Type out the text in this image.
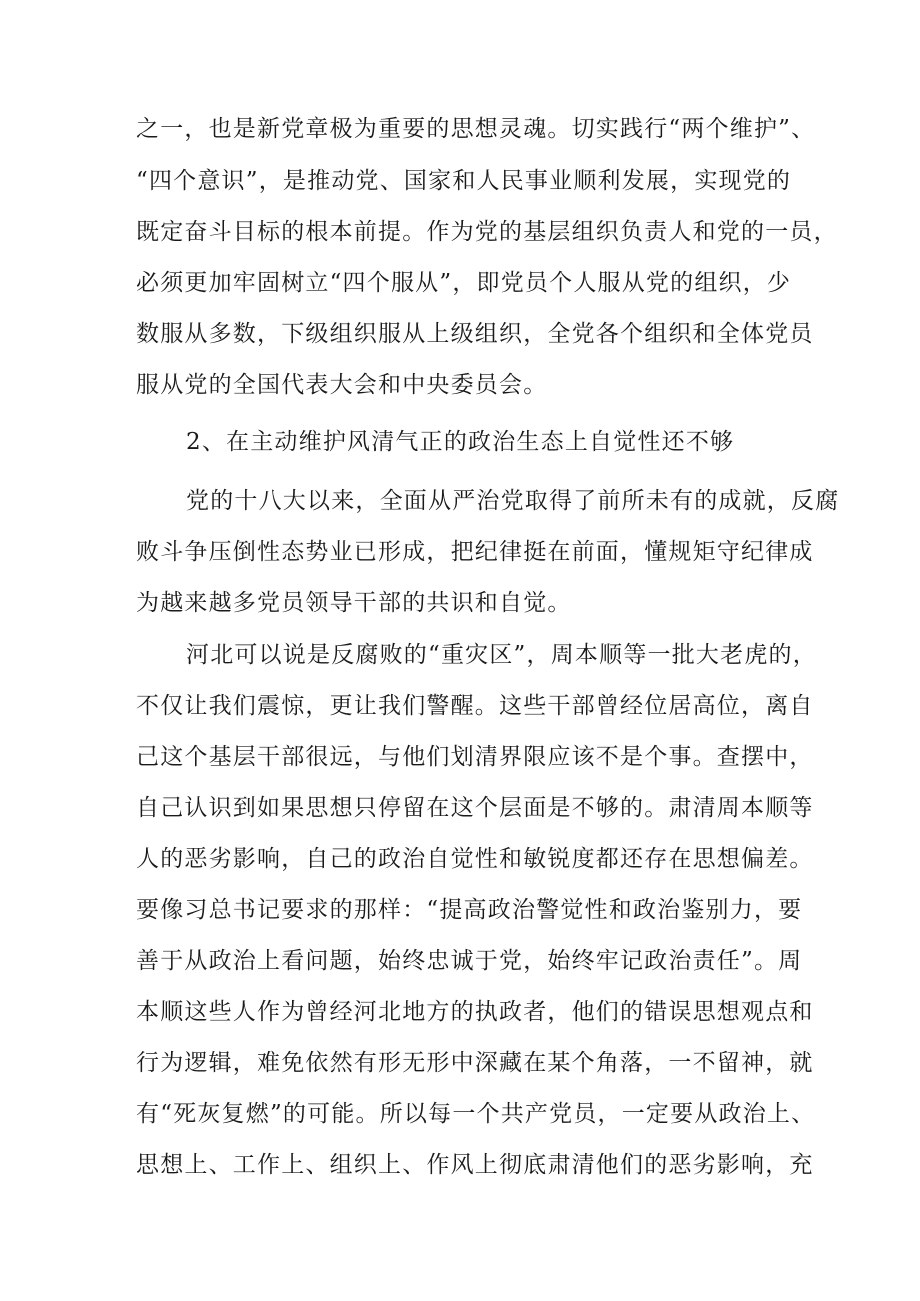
之一，也是新党章极为重要的思想灵魂。切实践行“两个维护”、
“四个意识”，是推动党、国家和人民事业顺利发展，实现党的
既定奋斗目标的根本前提。作为党的基层组织负责人和党的一员，
必须更加牢固树立“四个服从”，即党员个人服从党的组织，少
数服从多数，下级组织服从上级组织，全党各个组织和全体党员
服从党的全国代表大会和中央委员会。
2、在主动维护风清气正的政治生态上自觉性还不够
党的十八大以来，全面从严治党取得了前所未有的成就，反腐
败斗争压倒性态势业已形成，把纪律挺在前面，懂规矩守纪律成
为越来越多党员领导干部的共识和自觉。
河北可以说是反腐败的“重灾区”，周本顺等一批大老虎的，
不仅让我们震惊，更让我们警醒。这些干部曾经位居高位，离自
己这个基层干部很远，与他们划清界限应该不是个事。查摆中，
自己认识到如果思想只停留在这个层面是不够的。肃清周本顺等
人的恶劣影响，自己的政治自觉性和敏锐度都还存在思想偏差。
要像习总书记要求的那样：“提高政治警觉性和政治鉴别力，要
善于从政治上看问题，始终忠诚于党，始终牢记政治责任”。周
本顺这些人作为曾经河北地方的执政者，他们的错误思想观点和
行为逻辑，难免依然有形无形中深藏在某个角落，一不留神，就
有“死灰复燃”的可能。所以每一个共产党员，一定要从政治上、
思想上、工作上、组织上、作风上彻底肃清他们的恶劣影响，充
